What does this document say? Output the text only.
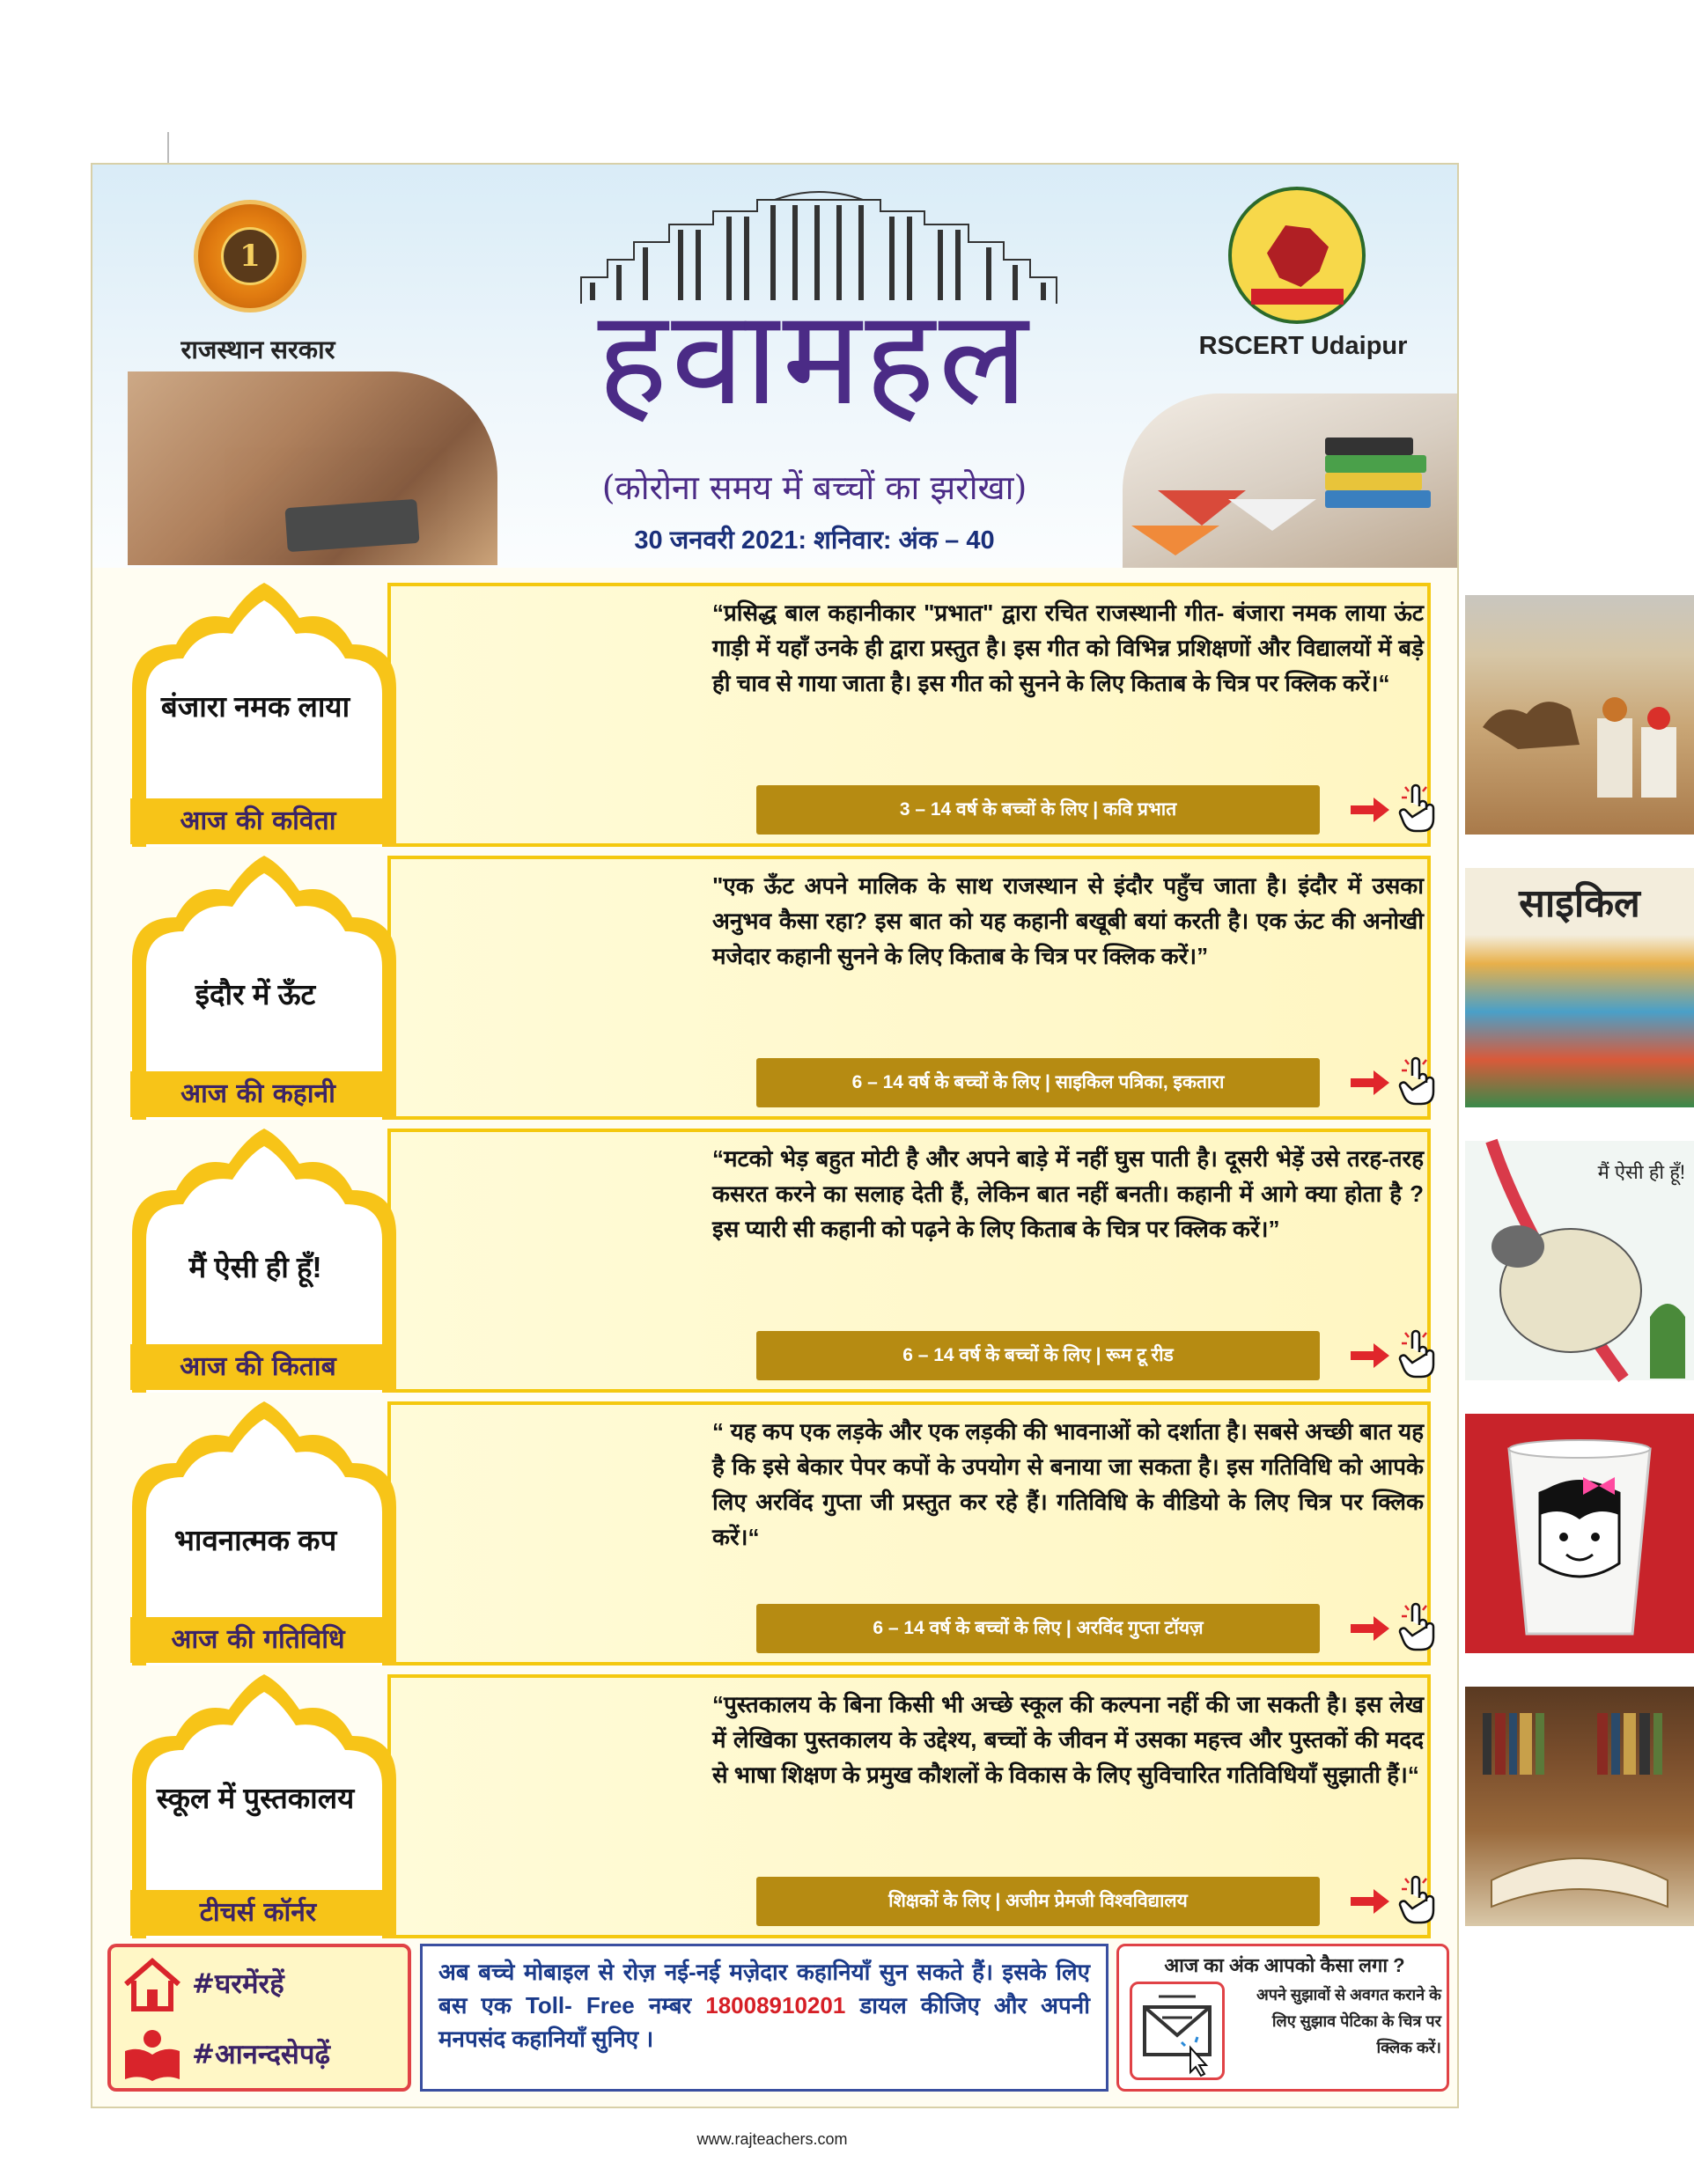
1
राजस्थान सरकार	हवामहल
(कोरोना समय में बच्चों का झरोखा)
30 जनवरी 2021: शनिवार: अंक – 40
RSCERT Udaipur
“प्रसिद्ध बाल कहानीकार "प्रभात" द्वारा रचित राजस्थानी गीत- बंजारा नमक लाया ऊंट गाड़ी में यहाँ उनके ही द्वारा प्रस्तुत है। इस गीत को विभिन्न प्रशिक्षणों और विद्यालयों में बड़े ही चाव से गाया जाता है। इस गीत को सुनने के लिए किताब के चित्र पर क्लिक करें।“
3 – 14 वर्ष के बच्चों के लिए | कवि प्रभात
बंजारा नमक लाया
आज की कविता
"एक ऊँट अपने मालिक के साथ राजस्थान से इंदौर पहुँच जाता है। इंदौर में उसका अनुभव कैसा रहा? इस बात को यह कहानी बखूबी बयां करती है। एक ऊंट की अनोखी मजेदार कहानी सुनने के लिए किताब के चित्र पर क्लिक करें।”
6 – 14 वर्ष के बच्चों के लिए | साइकिल पत्रिका, इकतारा
साइकिल
इंदौर में ऊँट
आज की कहानी
“मटको भेड़ बहुत मोटी है और अपने बाड़े में नहीं घुस पाती है। दूसरी भेड़ें उसे तरह-तरह कसरत करने का सलाह देती हैं, लेकिन बात नहीं बनती। कहानी में आगे क्या होता है ? इस प्यारी सी कहानी को पढ़ने के लिए किताब के चित्र पर क्लिक करें।”
6 – 14 वर्ष के बच्चों के लिए | रूम टू रीड
मैं ऐसी ही हूँ!
मैं ऐसी ही हूँ!
आज की किताब
“ यह कप एक लड़के और एक लड़की की भावनाओं को दर्शाता है। सबसे अच्छी बात यह है कि इसे बेकार पेपर कपों के उपयोग से बनाया जा सकता है। इस गतिविधि को आपके लिए अरविंद गुप्ता जी प्रस्तुत कर रहे हैं। गतिविधि के वीडियो के लिए चित्र पर क्लिक करें।“
6 – 14 वर्ष के बच्चों के लिए | अरविंद गुप्ता टॉयज़
भावनात्मक कप
आज की गतिविधि
“पुस्तकालय के बिना किसी भी अच्छे स्कूल की कल्पना नहीं की जा सकती है। इस लेख में लेखिका पुस्तकालय के उद्देश्य, बच्चों के जीवन में उसका महत्त्व और पुस्तकों की मदद से भाषा शिक्षण के प्रमुख कौशलों के विकास के लिए सुविचारित गतिविधियाँ सुझाती हैं।“
शिक्षकों के लिए | अजीम प्रेमजी विश्वविद्यालय
स्कूल में पुस्तकालय
टीचर्स कॉर्नर
#घरमेंरहें
#आनन्दसेपढ़ें
अब बच्चे मोबाइल से रोज़ नई-नई मज़ेदार कहानियाँ सुन सकते हैं। इसके लिए बस एक Toll- Free नम्बर 18008910201 डायल कीजिए और अपनी मनपसंद कहानियाँ सुनिए ।
आज का अंक आपको कैसा लगा ?
अपने सुझावों से अवगत कराने के लिए सुझाव पेटिका के चित्र पर क्लिक करें।
www.rajteachers.com
